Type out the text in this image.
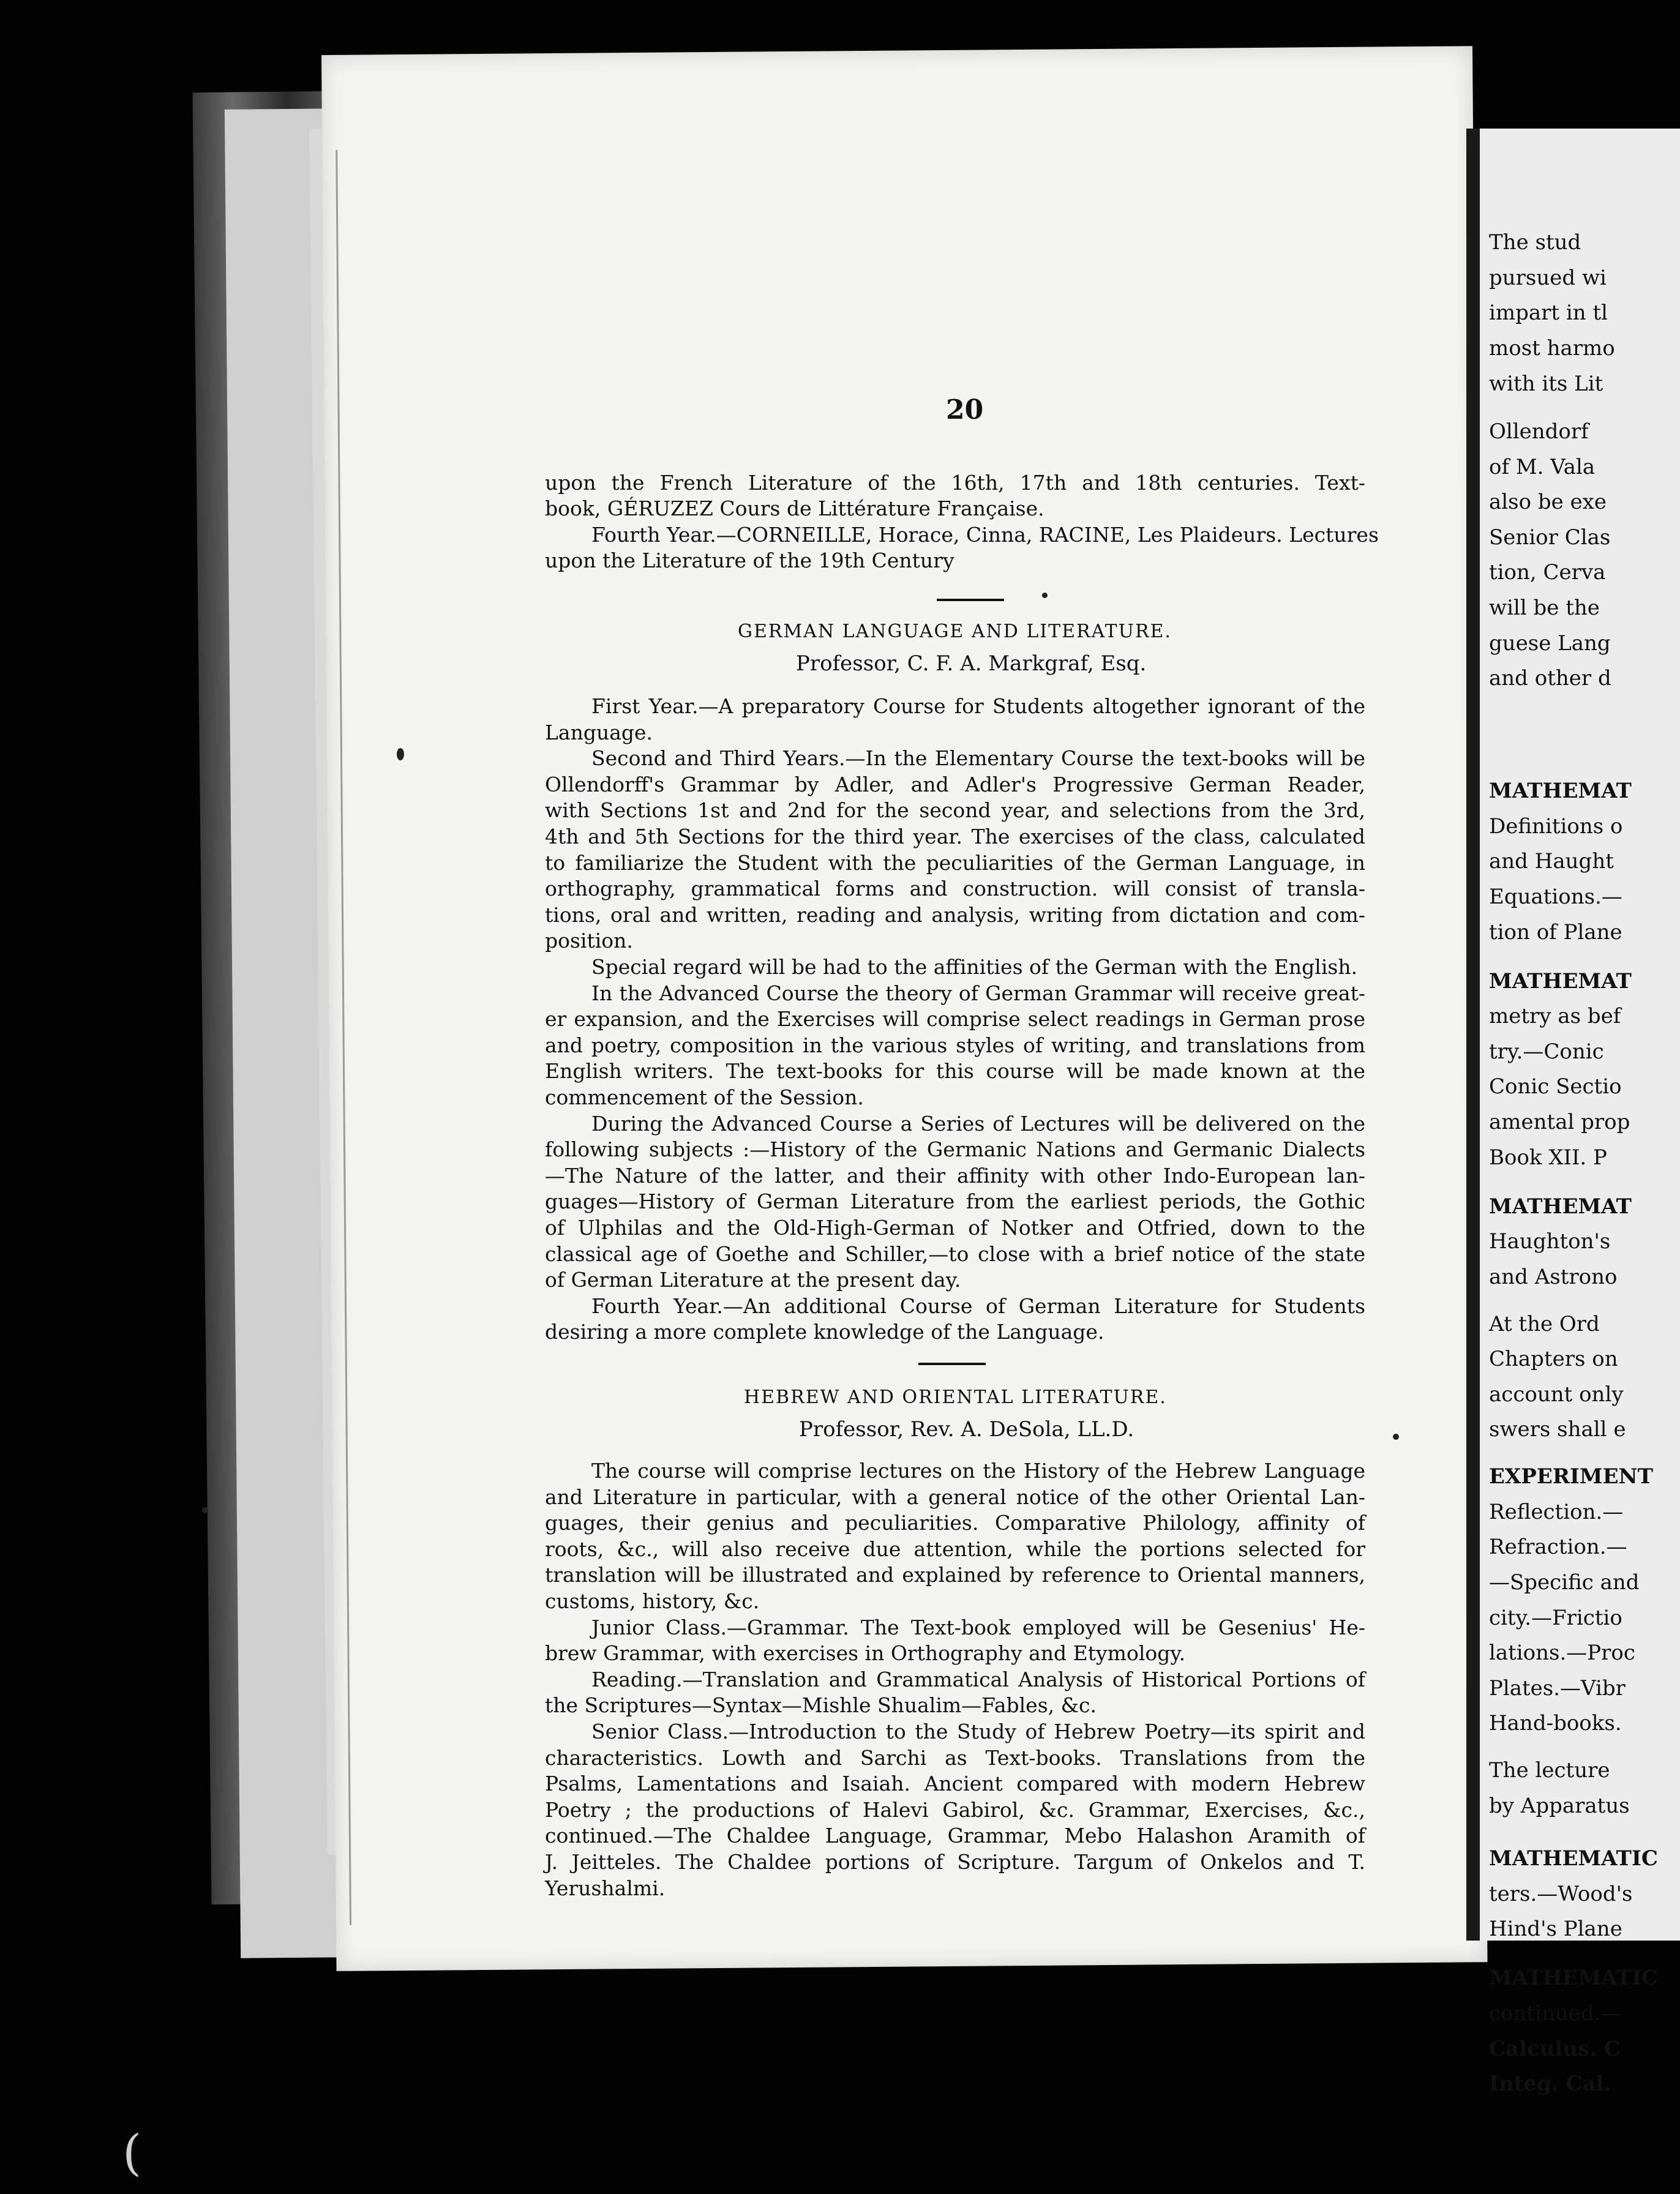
The stud
pursued wi
impart in tl
most harmo
with its Lit
Ollendorf
of M. Vala
also be exe
Senior Clas
tion, Cerva
will be the
guese Lang
and other d
MATHEMAT
Definitions o
and Haught
Equations.—
tion of Plane
MATHEMAT
metry as bef
try.—Conic
Conic Sectio
amental prop
Book XII. P
MATHEMAT
Haughton's
and Astrono
At the Ord
Chapters on
account only
swers shall e
EXPERIMENT
Reflection.—
Refraction.—
—Specific and
city.—Frictio
lations.—Proc
Plates.—Vibr
Hand-books.
The lecture
by Apparatus
MATHEMATIC
ters.—Wood's
Hind's Plane
MATHEMATIC
continued.—
Calculus. C
Integ. Cal.
20
upon the French Literature of the 16th, 17th and 18th centuries. Text-
book, GÉRUZEZ Cours de Littérature Française.
Fourth Year.—CORNEILLE, Horace, Cinna, RACINE, Les Plaideurs. Lectures
upon the Literature of the 19th Century
GERMAN LANGUAGE AND LITERATURE.
Professor, C. F. A. Markgraf, Esq.
First Year.—A preparatory Course for Students altogether ignorant of the
Language.
Second and Third Years.—In the Elementary Course the text-books will be
Ollendorff's Grammar by Adler, and Adler's Progressive German Reader,
with Sections 1st and 2nd for the second year, and selections from the 3rd,
4th and 5th Sections for the third year. The exercises of the class, calculated
to familiarize the Student with the peculiarities of the German Language, in
orthography, grammatical forms and construction. will consist of transla-
tions, oral and written, reading and analysis, writing from dictation and com-
position.
Special regard will be had to the affinities of the German with the English.
In the Advanced Course the theory of German Grammar will receive great-
er expansion, and the Exercises will comprise select readings in German prose
and poetry, composition in the various styles of writing, and translations from
English writers. The text-books for this course will be made known at the
commencement of the Session.
During the Advanced Course a Series of Lectures will be delivered on the
following subjects :—History of the Germanic Nations and Germanic Dialects
—The Nature of the latter, and their affinity with other Indo-European lan-
guages—History of German Literature from the earliest periods, the Gothic
of Ulphilas and the Old-High-German of Notker and Otfried, down to the
classical age of Goethe and Schiller,—to close with a brief notice of the state
of German Literature at the present day.
Fourth Year.—An additional Course of German Literature for Students
desiring a more complete knowledge of the Language.
HEBREW AND ORIENTAL LITERATURE.
Professor, Rev. A. DeSola, LL.D.
The course will comprise lectures on the History of the Hebrew Language
and Literature in particular, with a general notice of the other Oriental Lan-
guages, their genius and peculiarities. Comparative Philology, affinity of
roots, &c., will also receive due attention, while the portions selected for
translation will be illustrated and explained by reference to Oriental manners,
customs, history, &c.
Junior Class.—Grammar. The Text-book employed will be Gesenius' He-
brew Grammar, with exercises in Orthography and Etymology.
Reading.—Translation and Grammatical Analysis of Historical Portions of
the Scriptures—Syntax—Mishle Shualim—Fables, &c.
Senior Class.—Introduction to the Study of Hebrew Poetry—its spirit and
characteristics. Lowth and Sarchi as Text-books. Translations from the
Psalms, Lamentations and Isaiah. Ancient compared with modern Hebrew
Poetry ; the productions of Halevi Gabirol, &c. Grammar, Exercises, &c.,
continued.—The Chaldee Language, Grammar, Mebo Halashon Aramith of
J. Jeitteles. The Chaldee portions of Scripture. Targum of Onkelos and T.
Yerushalmi.
(
